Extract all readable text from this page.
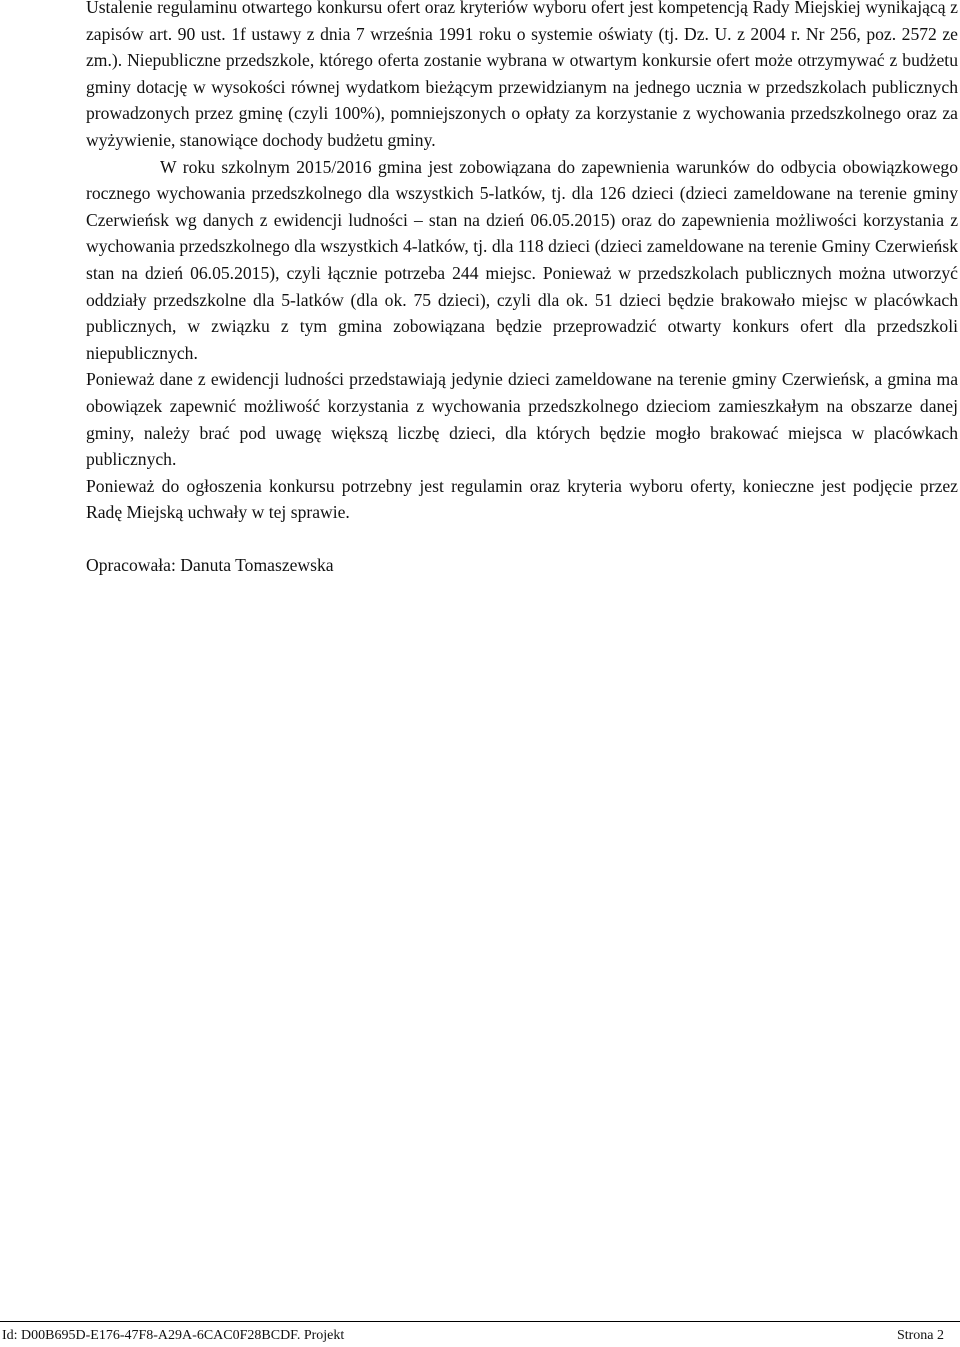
Ustalenie regulaminu otwartego konkursu ofert oraz kryteriów wyboru ofert jest kompetencją Rady Miejskiej wynikającą z zapisów art. 90 ust. 1f ustawy z dnia 7 września 1991 roku o systemie oświaty (tj. Dz. U. z 2004 r. Nr 256, poz. 2572 ze zm.). Niepubliczne przedszkole, którego oferta zostanie wybrana w otwartym konkursie ofert może otrzymywać z budżetu gminy dotację w wysokości równej wydatkom bieżącym przewidzianym na jednego ucznia w przedszkolach publicznych prowadzonych przez gminę (czyli 100%), pomniejszonych o opłaty za korzystanie z wychowania przedszkolnego oraz za wyżywienie, stanowiące dochody budżetu gminy.

W roku szkolnym 2015/2016 gmina jest zobowiązana do zapewnienia warunków do odbycia obowiązkowego rocznego wychowania przedszkolnego dla wszystkich 5-latków, tj. dla 126 dzieci (dzieci zameldowane na terenie gminy Czerwieńsk wg danych z ewidencji ludności – stan na dzień 06.05.2015) oraz do zapewnienia możliwości korzystania z wychowania przedszkolnego dla wszystkich 4-latków, tj. dla 118 dzieci (dzieci zameldowane na terenie Gminy Czerwieńsk stan na dzień 06.05.2015), czyli łącznie potrzeba 244 miejsc. Ponieważ w przedszkolach publicznych można utworzyć oddziały przedszkolne dla 5-latków (dla ok. 75 dzieci), czyli dla ok. 51 dzieci będzie brakowało miejsc w placówkach publicznych, w związku z tym gmina zobowiązana będzie przeprowadzić otwarty konkurs ofert dla przedszkoli niepublicznych.

Ponieważ dane z ewidencji ludności przedstawiają jedynie dzieci zameldowane na terenie gminy Czerwieńsk, a gmina ma obowiązek zapewnić możliwość korzystania z wychowania przedszkolnego dzieciom zamieszkałym na obszarze danej gminy, należy brać pod uwagę większą liczbę dzieci, dla których będzie mogło brakować miejsca w placówkach publicznych.

Ponieważ do ogłoszenia konkursu potrzebny jest regulamin oraz kryteria wyboru oferty, konieczne jest podjęcie przez Radę Miejską uchwały w tej sprawie.

Opracowała: Danuta Tomaszewska

Id: D00B695D-E176-47F8-A29A-6CAC0F28BCDF. Projekt	Strona 2
